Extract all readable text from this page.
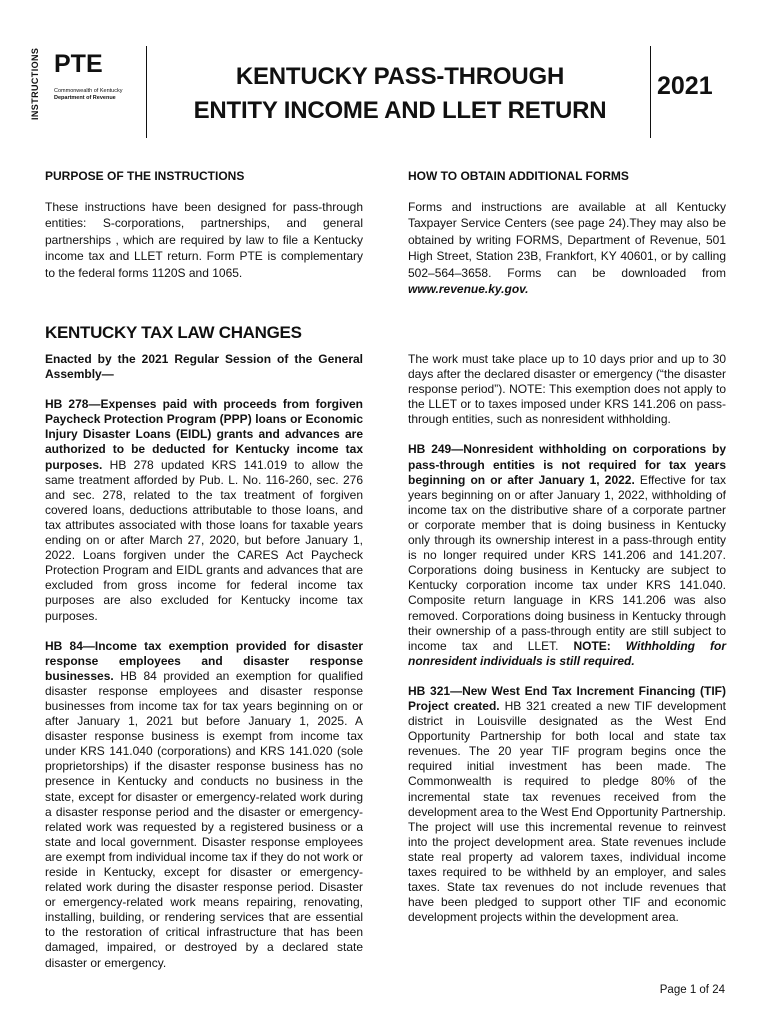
INSTRUCTIONS PTE
Commonwealth of Kentucky
Department of Revenue
KENTUCKY PASS-THROUGH
ENTITY INCOME AND LLET RETURN
2021
PURPOSE OF THE INSTRUCTIONS
These instructions have been designed for pass-through entities: S-corporations, partnerships, and general partnerships , which are required by law to file a Kentucky income tax and LLET return. Form PTE is complementary to the federal forms 1120S and 1065.
HOW TO OBTAIN ADDITIONAL FORMS
Forms and instructions are available at all Kentucky Taxpayer Service Centers (see page 24).They may also be obtained by writing FORMS, Department of Revenue, 501 High Street, Station 23B, Frankfort, KY 40601, or by calling 502–564–3658. Forms can be downloaded from www.revenue.ky.gov.
KENTUCKY TAX LAW CHANGES

Enacted by the 2021 Regular Session of the General Assembly—

HB 278—Expenses paid with proceeds from forgiven Paycheck Protection Program (PPP) loans or Economic Injury Disaster Loans (EIDL) grants and advances are authorized to be deducted for Kentucky income tax purposes. HB 278 updated KRS 141.019 to allow the same treatment afforded by Pub. L. No. 116-260, sec. 276 and sec. 278, related to the tax treatment of forgiven covered loans, deductions attributable to those loans, and tax attributes associated with those loans for taxable years ending on or after March 27, 2020, but before January 1, 2022. Loans forgiven under the CARES Act Paycheck Protection Program and EIDL grants and advances that are excluded from gross income for federal income tax purposes are also excluded for Kentucky income tax purposes.

HB 84—Income tax exemption provided for disaster response employees and disaster response businesses. HB 84 provided an exemption for qualified disaster response employees and disaster response businesses from income tax for tax years beginning on or after January 1, 2021 but before January 1, 2025. A disaster response business is exempt from income tax under KRS 141.040 (corporations) and KRS 141.020 (sole proprietorships) if the disaster response business has no presence in Kentucky and conducts no business in the state, except for disaster or emergency-related work during a disaster response period and the disaster or emergency-related work was requested by a registered business or a state and local government. Disaster response employees are exempt from individual income tax if they do not work or reside in Kentucky, except for disaster or emergency-related work during the disaster response period. Disaster or emergency-related work means repairing, renovating, installing, building, or rendering services that are essential to the restoration of critical infrastructure that has been damaged, impaired, or destroyed by a declared state disaster or emergency.

The work must take place up to 10 days prior and up to 30 days after the declared disaster or emergency (“the disaster response period”). NOTE: This exemption does not apply to the LLET or to taxes imposed under KRS 141.206 on pass-through entities, such as nonresident withholding.

HB 249—Nonresident withholding on corporations by pass-through entities is not required for tax years beginning on or after January 1, 2022. Effective for tax years beginning on or after January 1, 2022, withholding of income tax on the distributive share of a corporate partner or corporate member that is doing business in Kentucky only through its ownership interest in a pass-through entity is no longer required under KRS 141.206 and 141.207. Corporations doing business in Kentucky are subject to Kentucky corporation income tax under KRS 141.040. Composite return language in KRS 141.206 was also removed. Corporations doing business in Kentucky through their ownership of a pass-through entity are still subject to income tax and LLET. NOTE: Withholding for nonresident individuals is still required.

HB 321—New West End Tax Increment Financing (TIF) Project created. HB 321 created a new TIF development district in Louisville designated as the West End Opportunity Partnership for both local and state tax revenues. The 20 year TIF program begins once the required initial investment has been made. The Commonwealth is required to pledge 80% of the incremental state tax revenues received from the development area to the West End Opportunity Partnership. The project will use this incremental revenue to reinvest into the project development area. State revenues include state real property ad valorem taxes, individual income taxes required to be withheld by an employer, and sales taxes. State tax revenues do not include revenues that have been pledged to support other TIF and economic development projects within the development area.

Page 1 of 24
